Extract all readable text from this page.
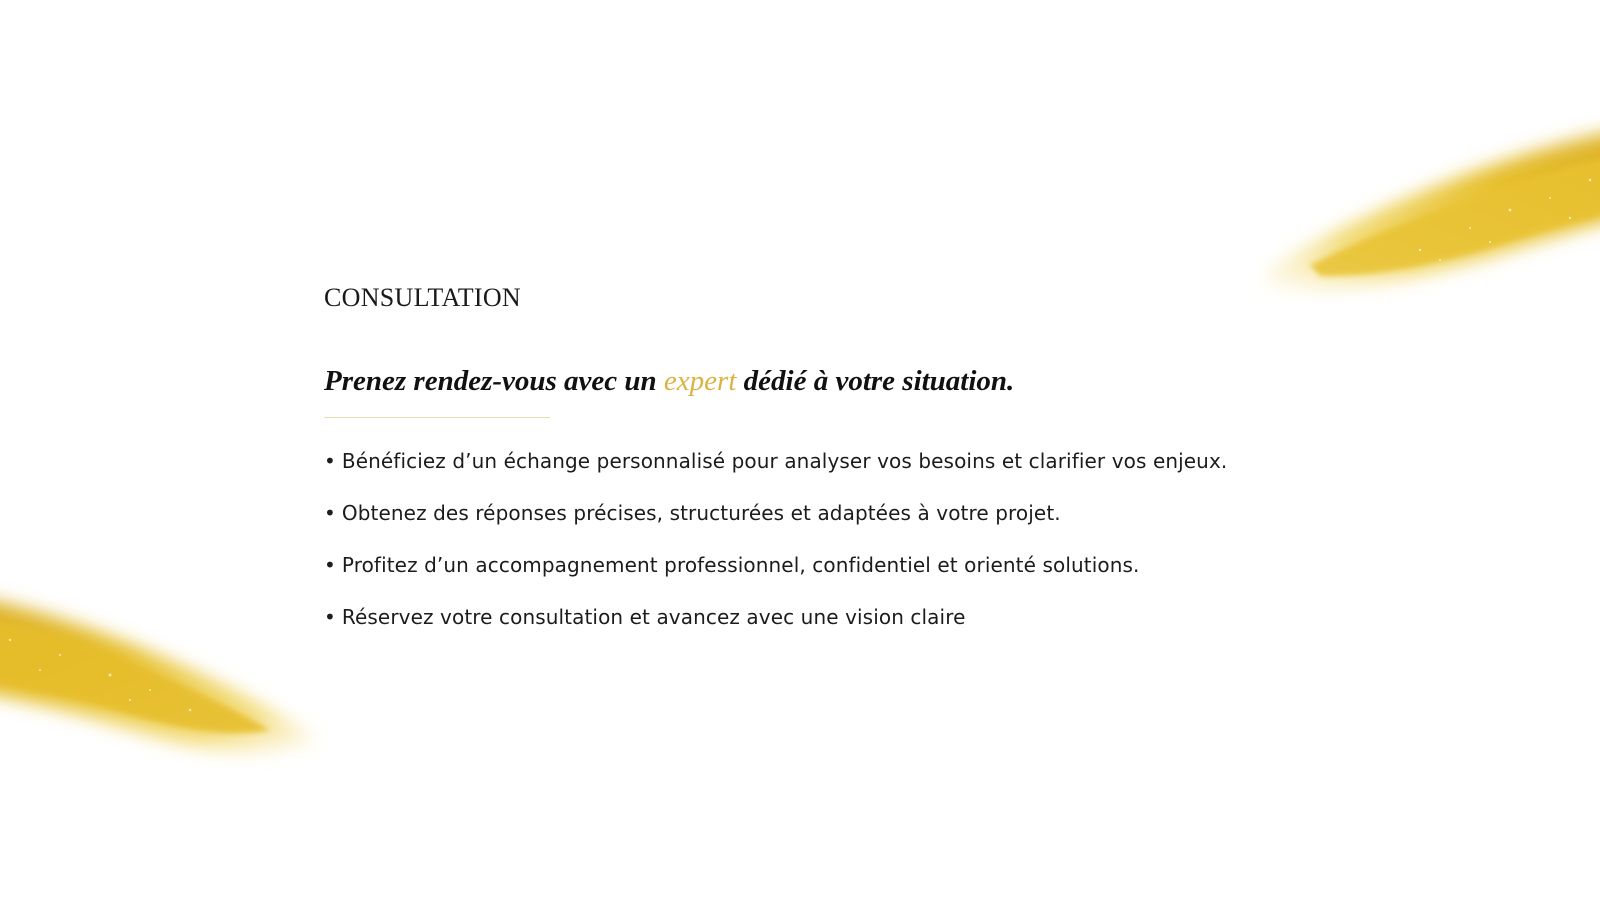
CONSULTATION

Prenez rendez-vous avec un expert dédié à votre situation.
• Bénéficiez d’un échange personnalisé pour analyser vos besoins et clarifier vos enjeux.
• Obtenez des réponses précises, structurées et adaptées à votre projet.
• Profitez d’un accompagnement professionnel, confidentiel et orienté solutions.
• Réservez votre consultation et avancez avec une vision claire
